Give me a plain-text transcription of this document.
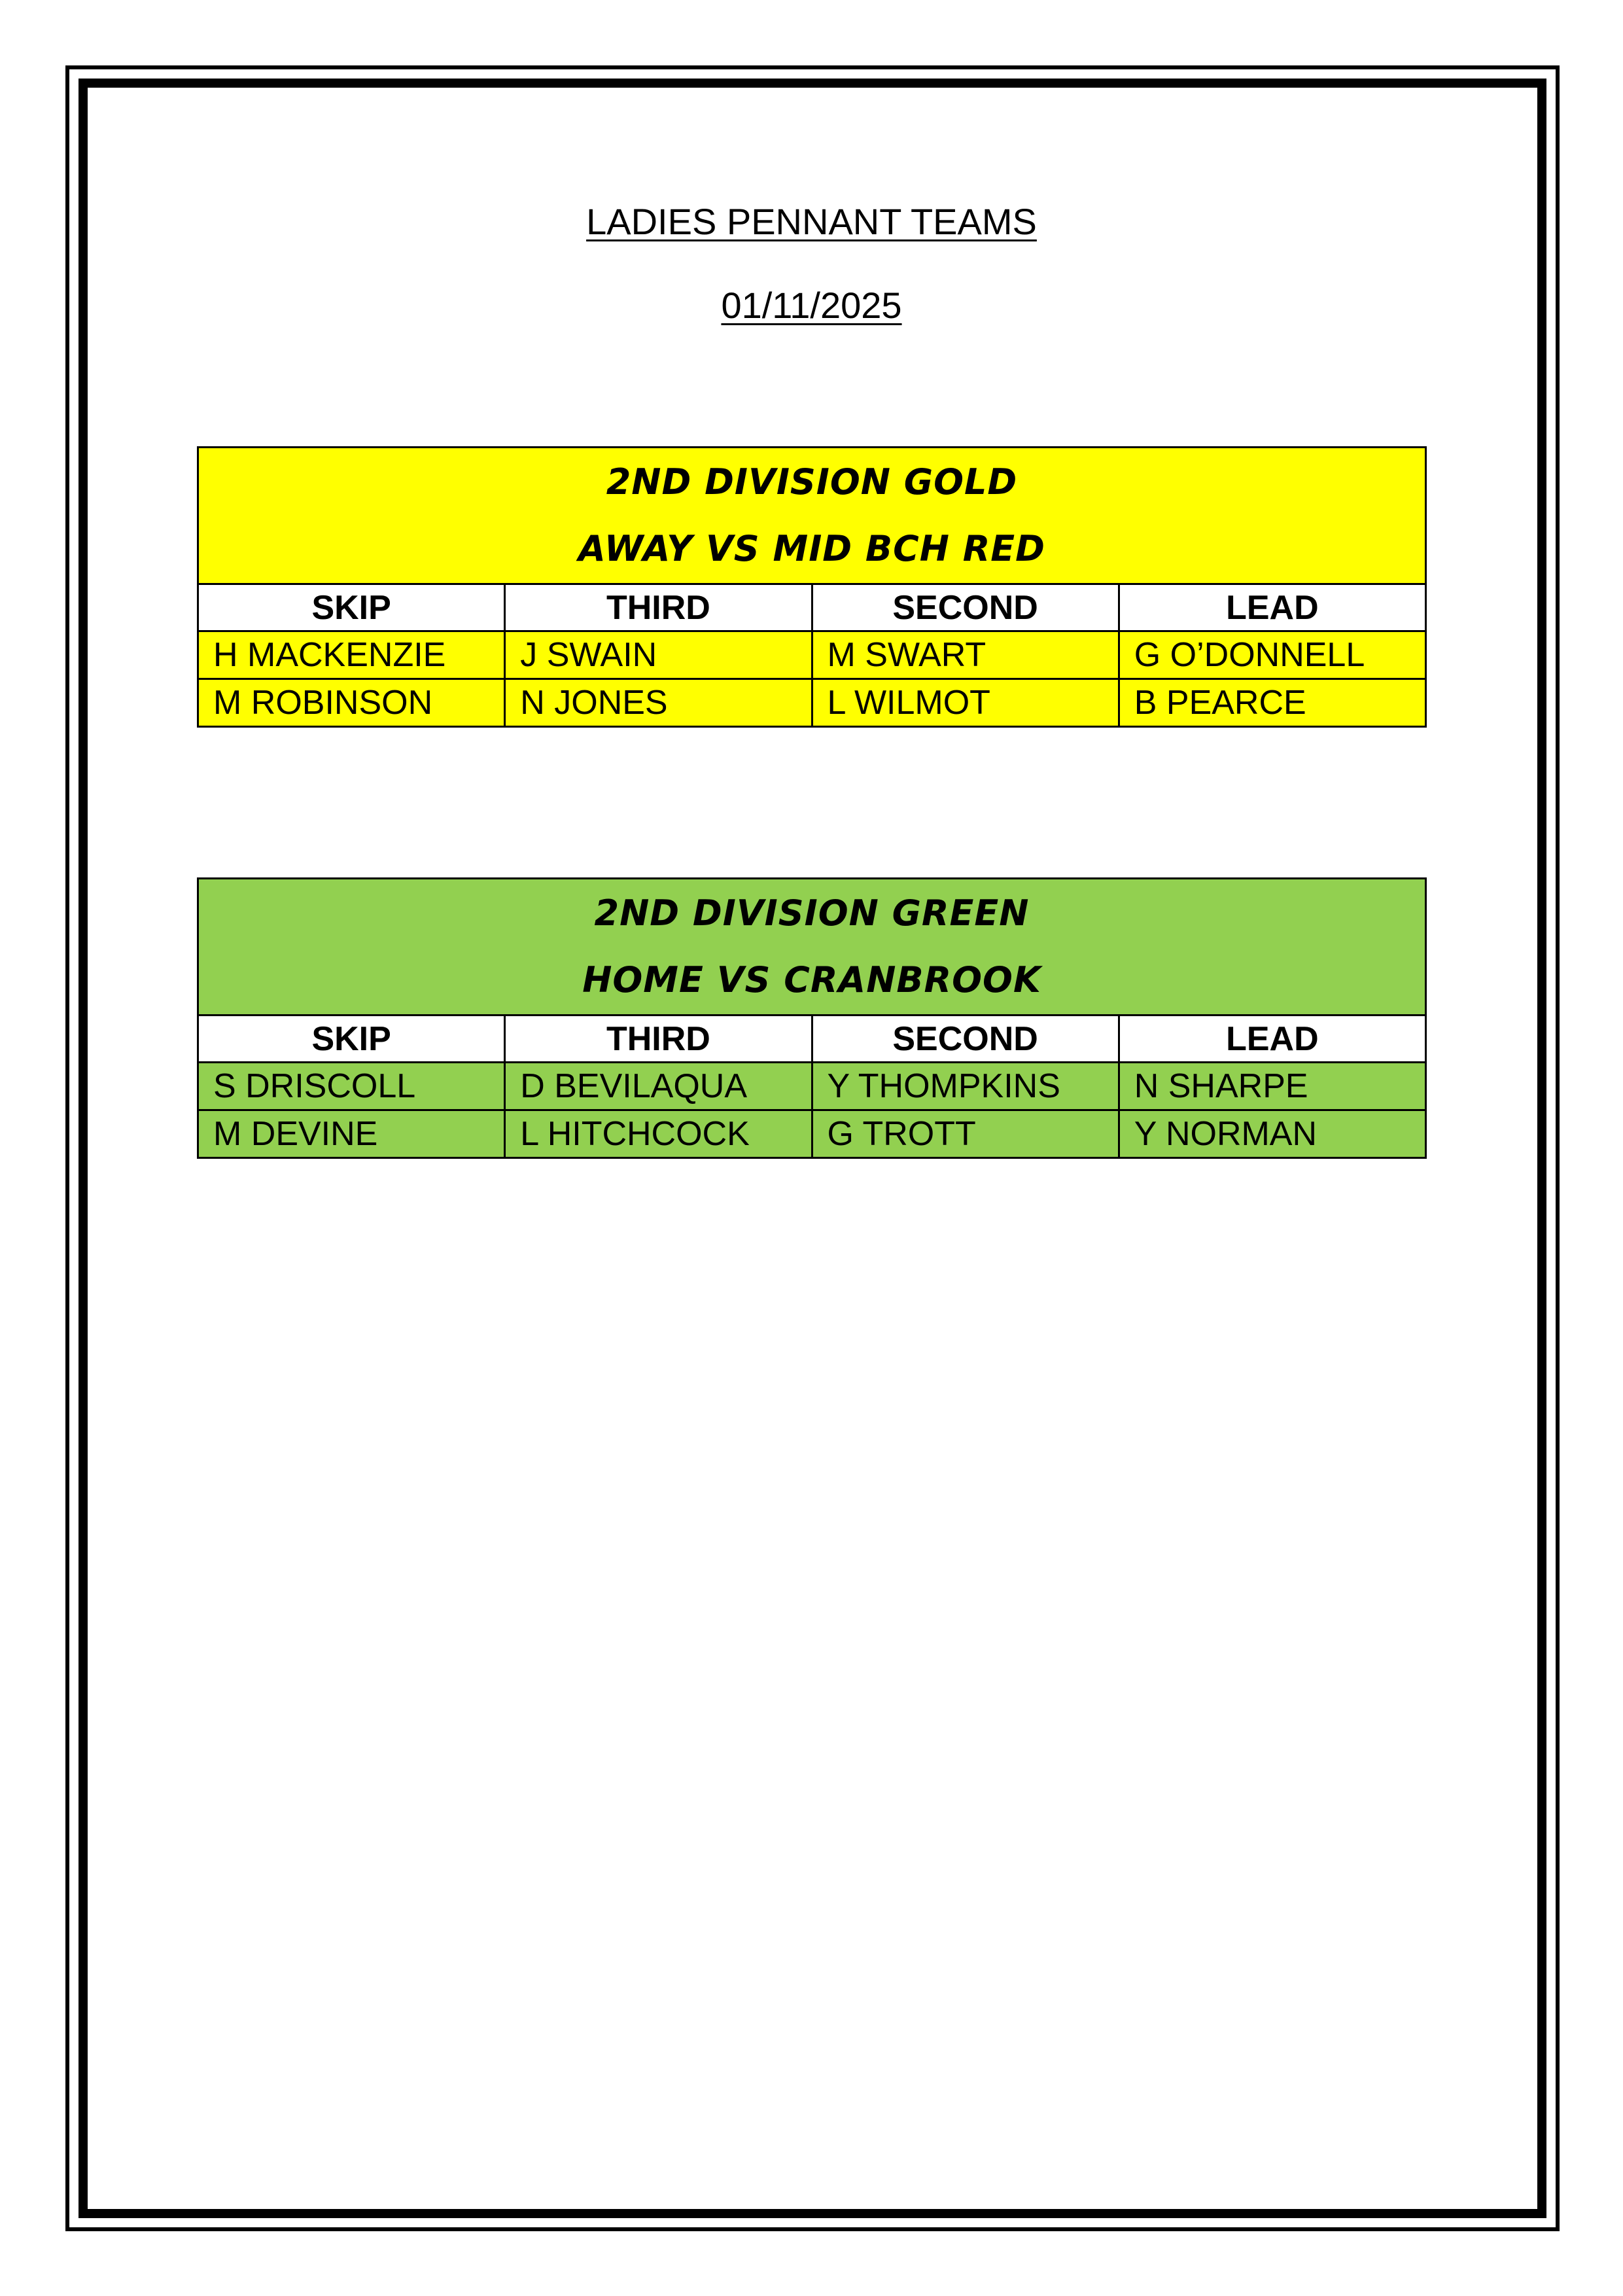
LADIES PENNANT TEAMS
01/11/2025
2ND DIVISION GOLD
AWAY VS MID BCH RED			

SKIP	THIRD	SECOND	LEAD
H MACKENZIE	J SWAIN	M SWART	G O’DONNELL
M ROBINSON	N JONES	L WILMOT	B PEARCE
2ND DIVISION GREEN
HOME VS CRANBROOK			

SKIP	THIRD	SECOND	LEAD
S DRISCOLL	D BEVILAQUA	Y THOMPKINS	N SHARPE
M DEVINE	L HITCHCOCK	G TROTT	Y NORMAN
